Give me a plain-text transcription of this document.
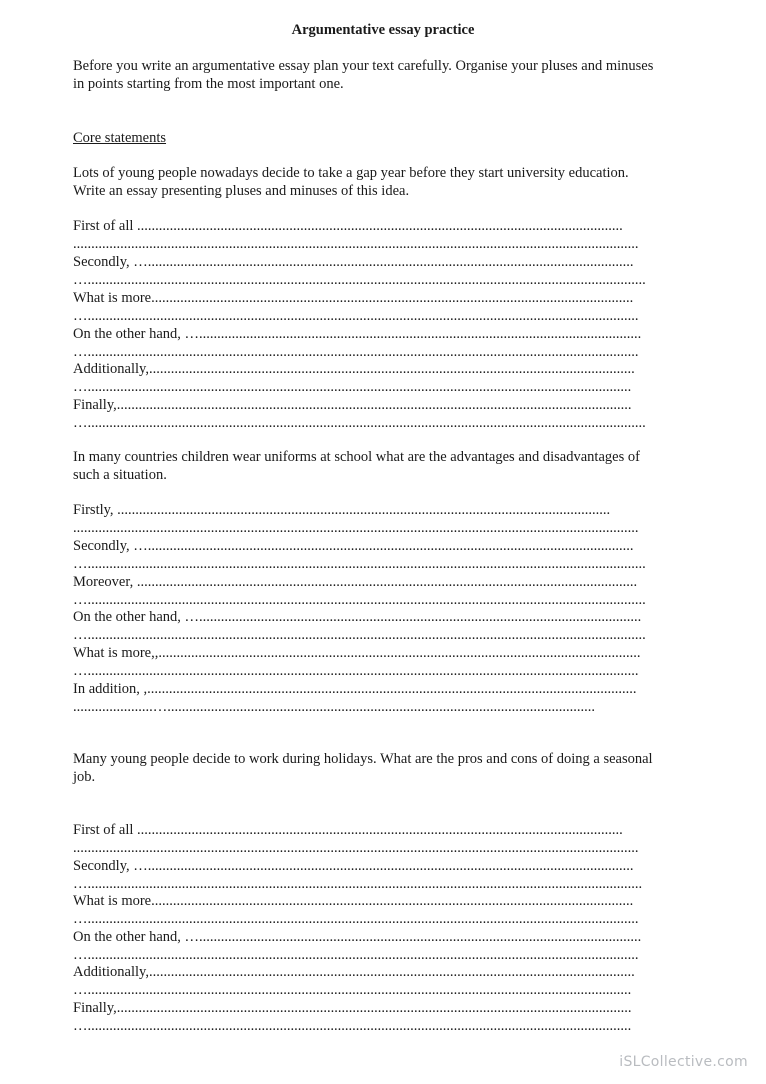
Argumentative essay practice
Before you write an argumentative essay plan your text carefully. Organise your pluses and minuses
in points starting from the most important one.
Core statements
Lots of young people nowadays decide to take a gap year before they start university education.
Write an essay presenting pluses and minuses of this idea.
First of all ......................................................................................................................................
............................................................................................................................................................
Secondly, …......................................................................................................................................
…..........................................................................................................................................................
What is more.....................................................................................................................................
…........................................................................................................................................................
On the other hand, …..........................................................................................................................
…........................................................................................................................................................
Additionally,......................................................................................................................................
…......................................................................................................................................................
Finally,..............................................................................................................................................
…..........................................................................................................................................................
In many countries children wear uniforms at school what are the advantages and disadvantages of
such a situation.
Firstly, ........................................................................................................................................
............................................................................................................................................................
Secondly, …......................................................................................................................................
…..........................................................................................................................................................
Moreover, ..........................................................................................................................................
…..........................................................................................................................................................
On the other hand, …..........................................................................................................................
…..........................................................................................................................................................
What is more,,.....................................................................................................................................
…........................................................................................................................................................
In addition, ,.......................................................................................................................................
......................…......................................................................................................................
Many young people decide to work during holidays. What are the pros and cons of doing a seasonal
job.
First of all ......................................................................................................................................
............................................................................................................................................................
Secondly, …......................................................................................................................................
….........................................................................................................................................................
What is more.....................................................................................................................................
…........................................................................................................................................................
On the other hand, …..........................................................................................................................
…........................................................................................................................................................
Additionally,......................................................................................................................................
…......................................................................................................................................................
Finally,..............................................................................................................................................
…......................................................................................................................................................
iSLCollective.com
